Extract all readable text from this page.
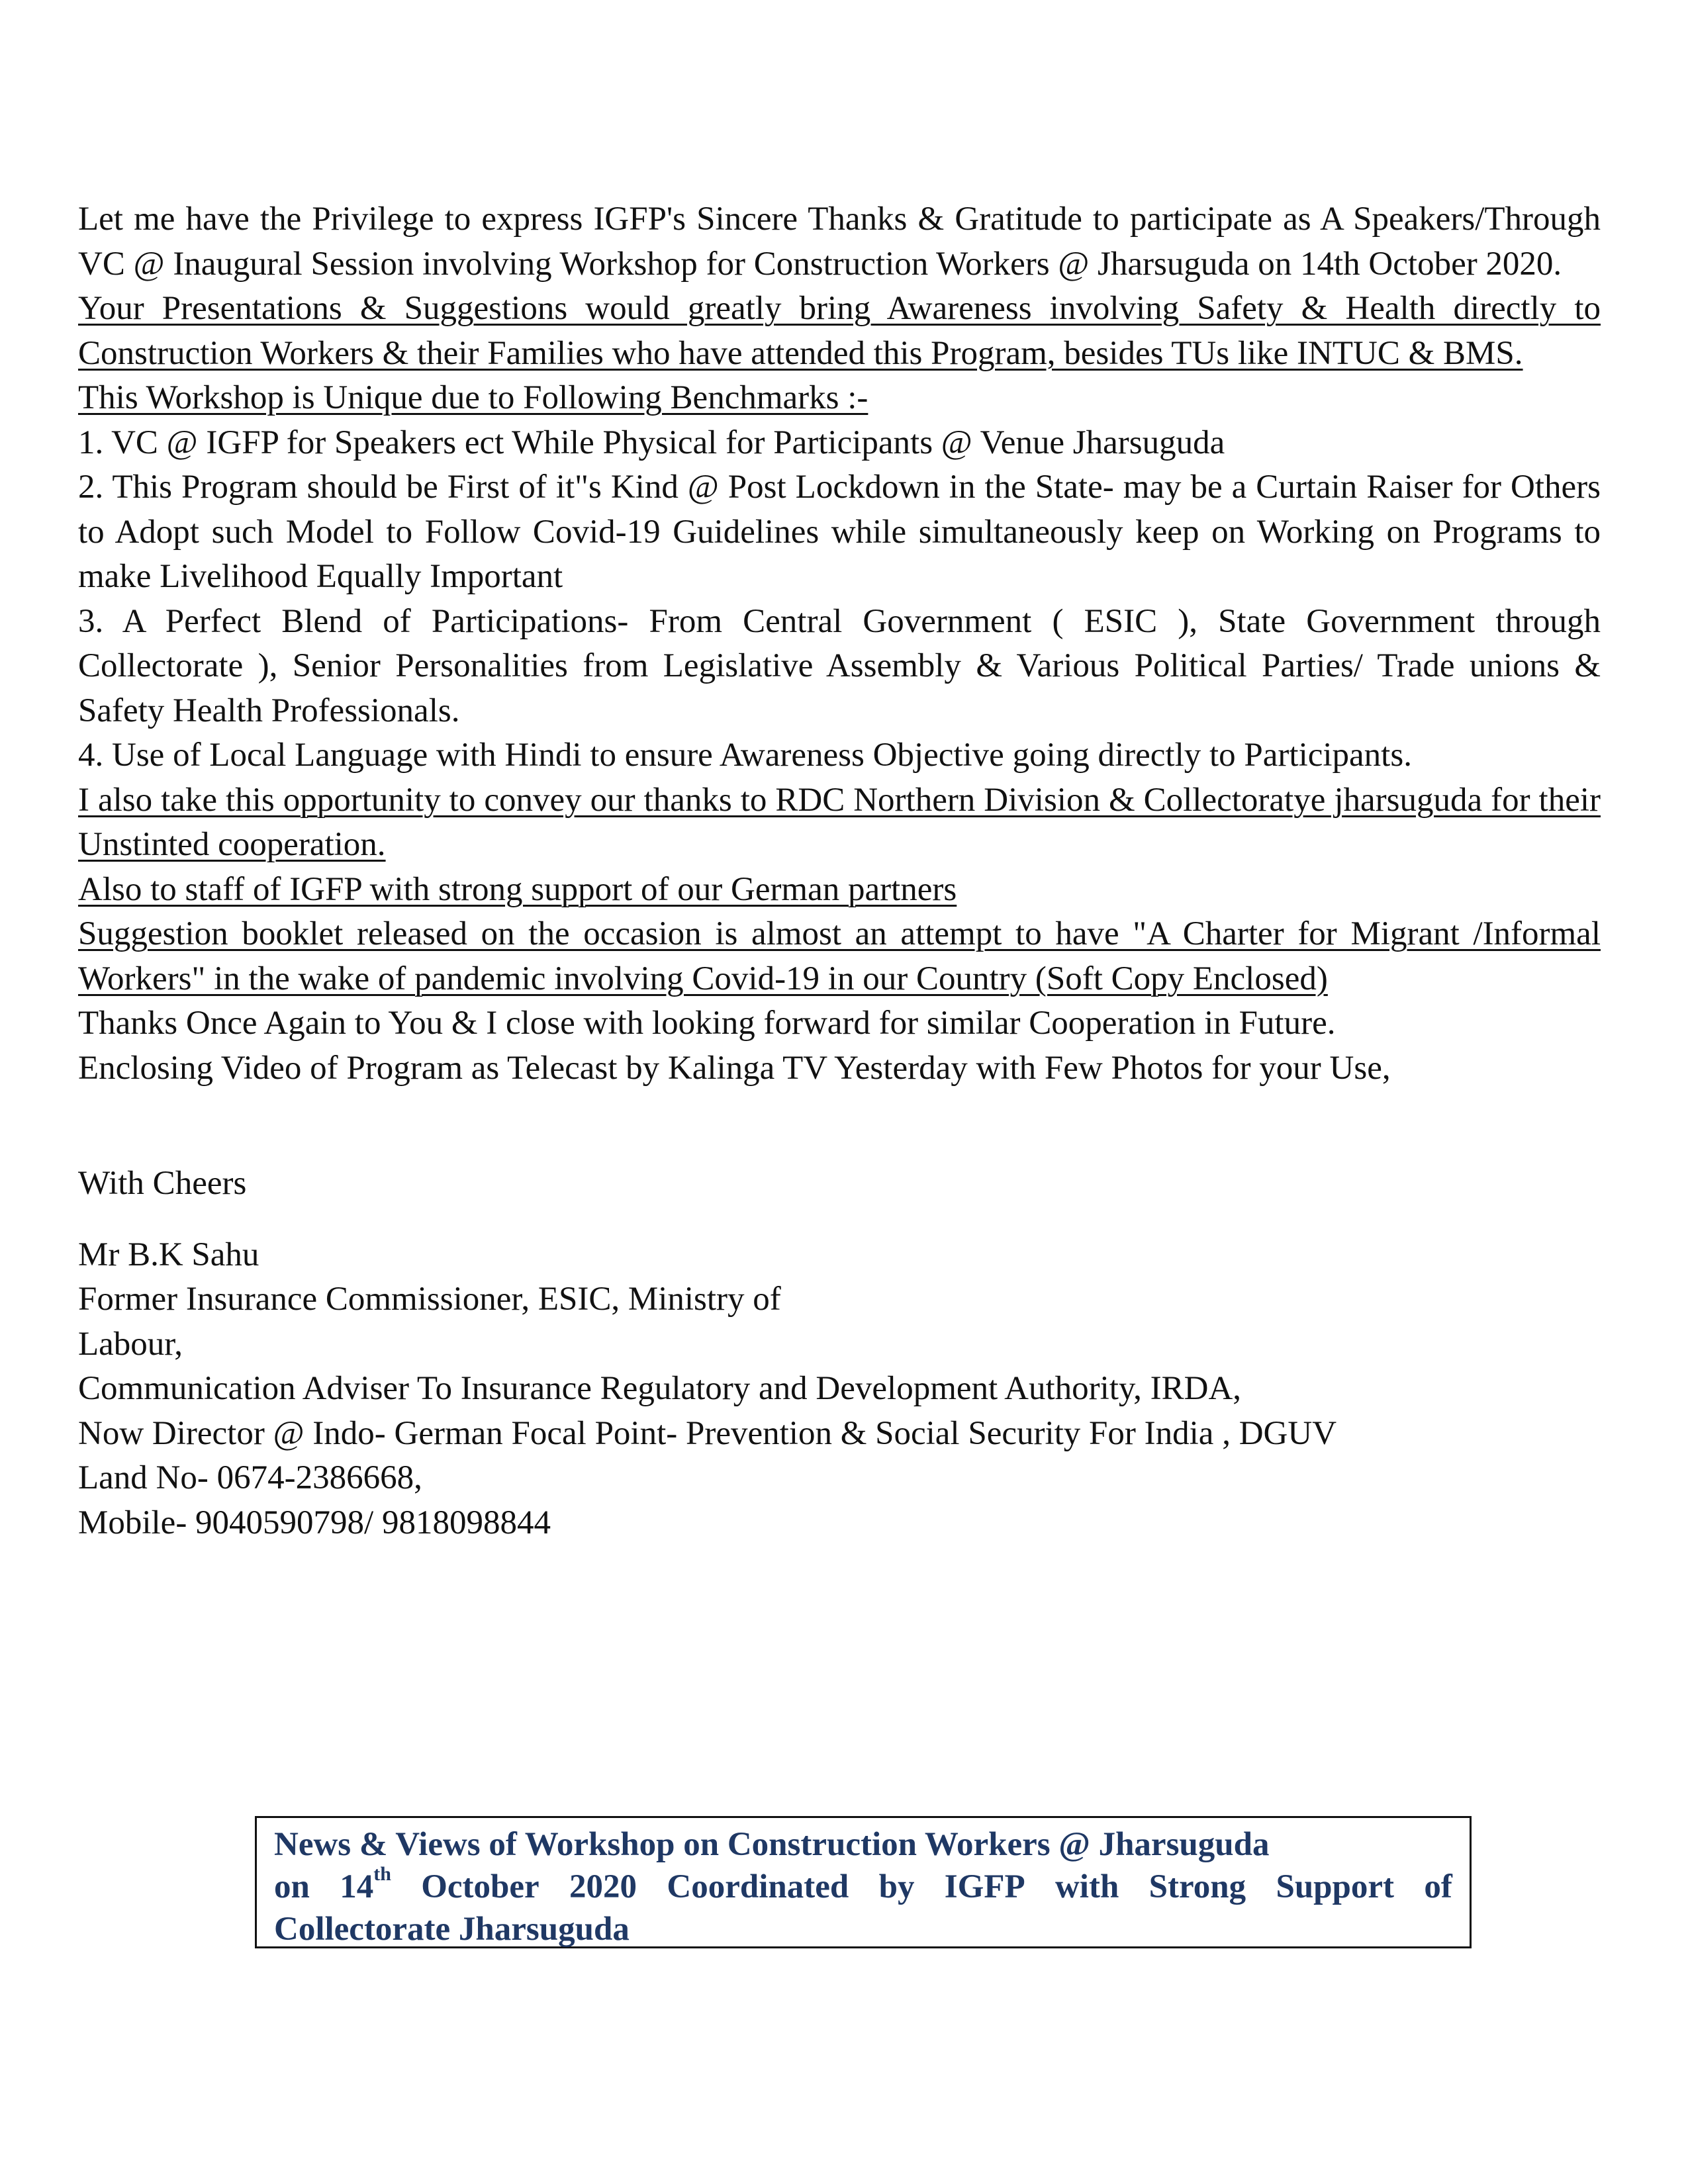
Let me have the Privilege to express IGFP's Sincere Thanks & Gratitude to participate as A Speakers/Through VC @ Inaugural Session involving Workshop for Construction Workers @ Jharsuguda on 14th October 2020.

Your Presentations & Suggestions would greatly bring Awareness involving Safety & Health directly to Construction Workers & their Families who have attended this Program, besides TUs like INTUC & BMS.

This Workshop is Unique due to Following Benchmarks :-

1. VC @ IGFP for Speakers ect While Physical for Participants @ Venue Jharsuguda

2. This Program should be First of it"s Kind @ Post Lockdown in the State- may be a Curtain Raiser for Others to Adopt such Model to Follow Covid-19 Guidelines while simultaneously keep on Working on Programs to make Livelihood Equally Important

3. A Perfect Blend of Participations- From Central Government ( ESIC ), State Government through Collectorate ), Senior Personalities from Legislative Assembly & Various Political Parties/ Trade unions & Safety Health Professionals.

4. Use of Local Language with Hindi to ensure Awareness Objective going directly to Participants.

I also take this opportunity to convey our thanks to RDC Northern Division & Collectoratye jharsuguda for their Unstinted cooperation.

Also to staff of IGFP with strong support of our German partners

Suggestion booklet released on the occasion is almost an attempt to have "A Charter for Migrant /Informal Workers" in the wake of pandemic involving Covid-19 in our Country (Soft Copy Enclosed)

Thanks Once Again to You & I close with looking forward for similar Cooperation in Future.

Enclosing Video of Program as Telecast by Kalinga TV Yesterday with Few Photos for your Use,

With Cheers

Mr B.K Sahu

Former Insurance Commissioner, ESIC, Ministry of

Labour,

Communication Adviser To Insurance Regulatory and Development Authority, IRDA,

Now Director @ Indo- German Focal Point- Prevention & Social Security For India , DGUV

Land No- 0674-2386668,

Mobile- 9040590798/ 9818098844

News & Views of Workshop on Construction Workers @ Jharsuguda
on 14th October 2020 Coordinated by IGFP with Strong Support of
Collectorate Jharsuguda
